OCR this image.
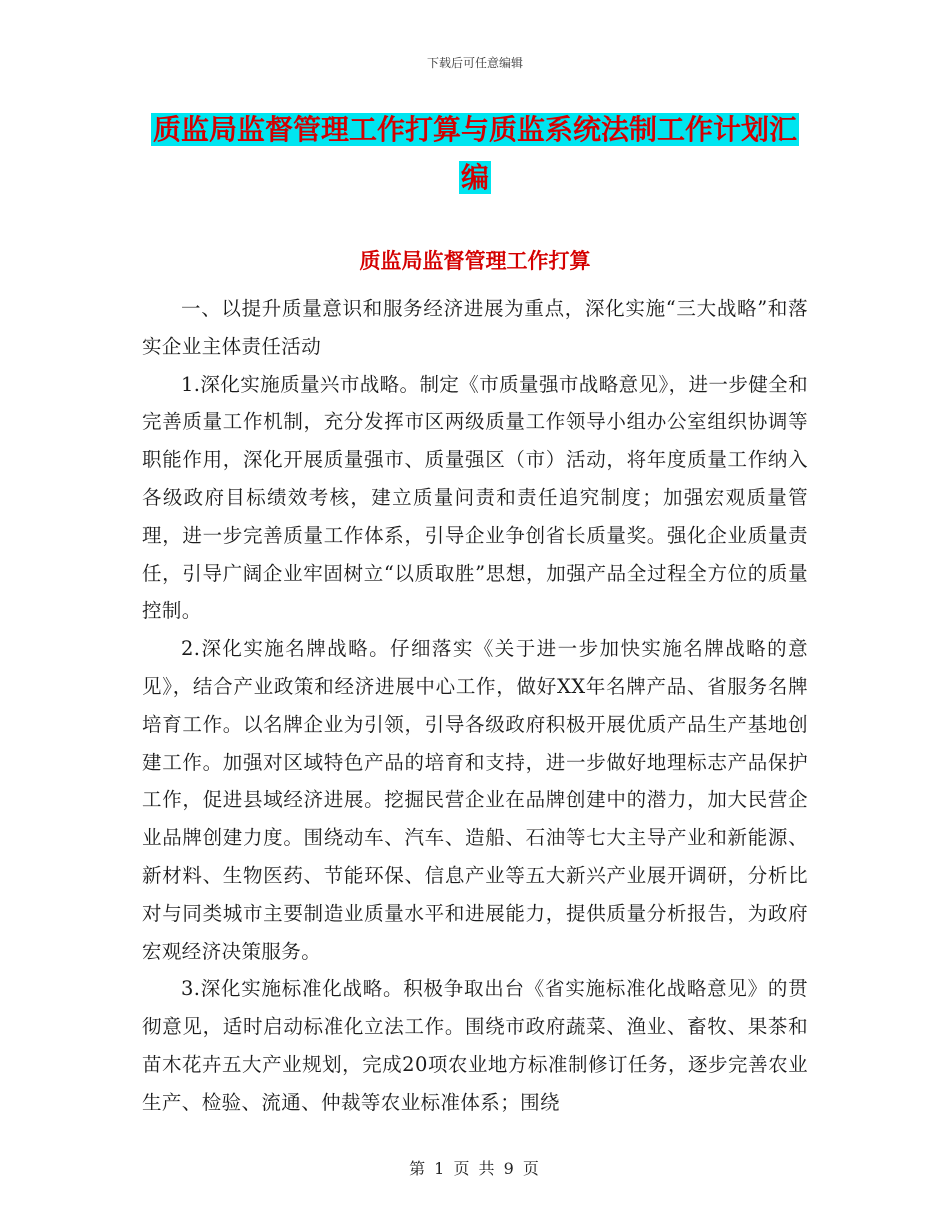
下载后可任意编辑
质监局监督管理工作打算与质监系统法制工作计划汇
编
质监局监督管理工作打算

一、以提升质量意识和服务经济进展为重点，深化实施“三大战略”和落实企业主体责任活动

1.深化实施质量兴市战略。制定《市质量强市战略意见》，进一步健全和完善质量工作机制，充分发挥市区两级质量工作领导小组办公室组织协调等职能作用，深化开展质量强市、质量强区（市）活动，将年度质量工作纳入各级政府目标绩效考核，建立质量问责和责任追究制度；加强宏观质量管理，进一步完善质量工作体系，引导企业争创省长质量奖。强化企业质量责任，引导广阔企业牢固树立“以质取胜”思想，加强产品全过程全方位的质量控制。

2.深化实施名牌战略。仔细落实《关于进一步加快实施名牌战略的意见》，结合产业政策和经济进展中心工作，做好XX年名牌产品、省服务名牌培育工作。以名牌企业为引领，引导各级政府积极开展优质产品生产基地创建工作。加强对区域特色产品的培育和支持，进一步做好地理标志产品保护工作，促进县域经济进展。挖掘民营企业在品牌创建中的潜力，加大民营企业品牌创建力度。围绕动车、汽车、造船、石油等七大主导产业和新能源、新材料、生物医药、节能环保、信息产业等五大新兴产业展开调研，分析比对与同类城市主要制造业质量水平和进展能力，提供质量分析报告，为政府宏观经济决策服务。

3.深化实施标准化战略。积极争取出台《省实施标准化战略意见》的贯彻意见，适时启动标准化立法工作。围绕市政府蔬菜、渔业、畜牧、果茶和苗木花卉五大产业规划，完成20项农业地方标准制修订任务，逐步完善农业生产、检验、流通、仲裁等农业标准体系；围绕

第 1 页 共 9 页
